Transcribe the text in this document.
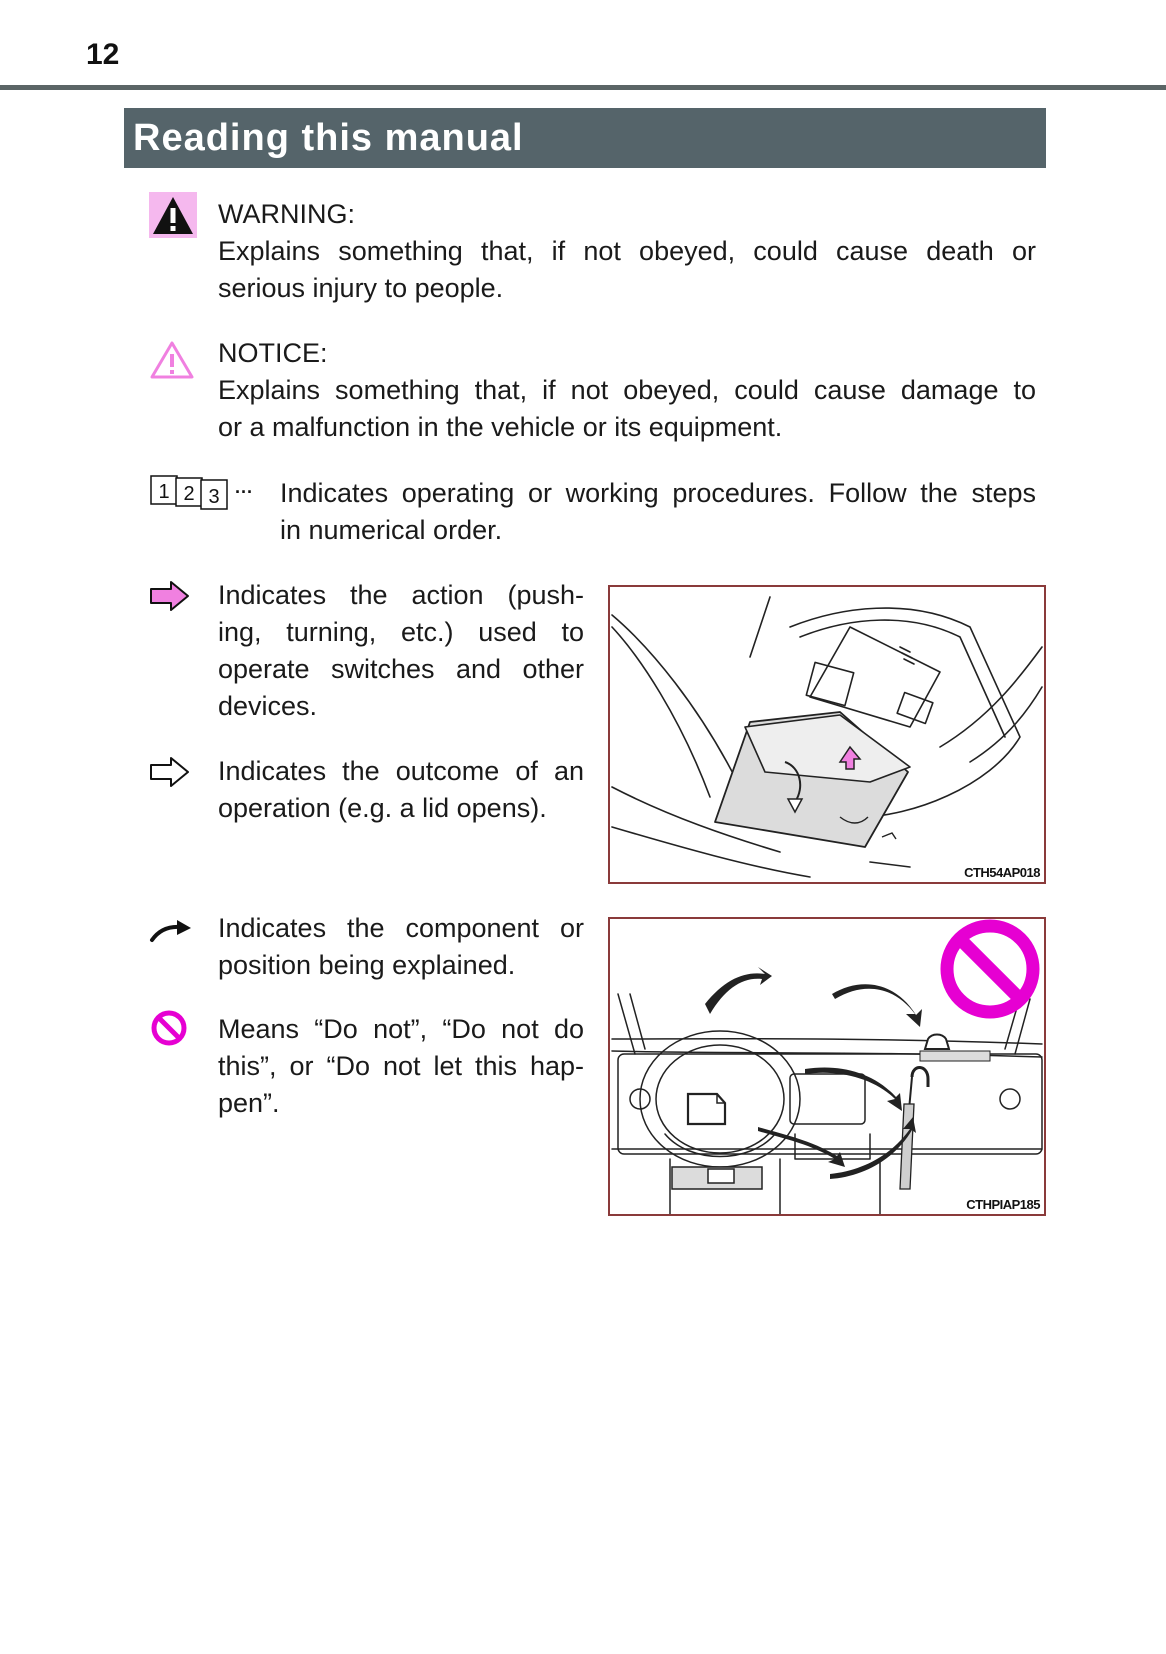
12
Reading this manual
WARNING:
Explains something that, if not obeyed, could cause death or
serious injury to people.
NOTICE:
Explains something that, if not obeyed, could cause damage to
or a malfunction in the vehicle or its equipment.
1 2 3 ··· Indicates operating or working procedures. Follow the steps
in numerical order.
Indicates the action (push-
ing, turning, etc.) used to
operate switches and other
devices.
Indicates the outcome of an
operation (e.g. a lid opens).
CTH54AP018
Indicates the component or
position being explained.
Means “Do not”, “Do not do
this”, or “Do not let this hap-
pen”.
CTHPIAP185
